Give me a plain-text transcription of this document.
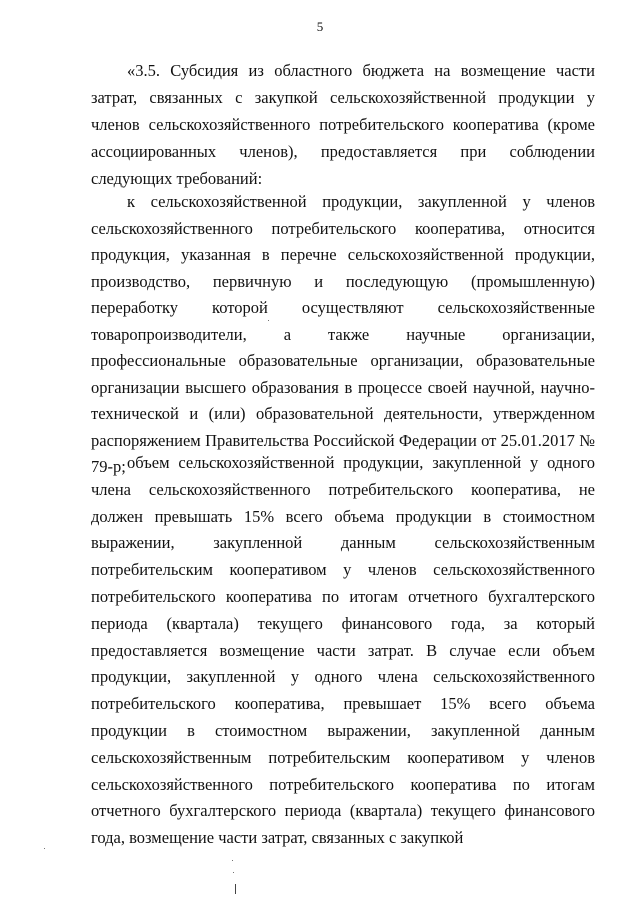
5

«3.5. Субсидия из областного бюджета на возмещение части затрат, связанных с закупкой сельскохозяйственной продукции у членов сельскохозяйственного потребительского кооператива (кроме ассоциированных членов), предоставляется при соблюдении следующих требований:

к сельскохозяйственной продукции, закупленной у членов сельскохозяйственного потребительского кооператива, относится продукция, указанная в перечне сельскохозяйственной продукции, производство, первичную и последующую (промышленную) переработку которой осуществляют сельскохозяйственные товаропроизводители, а также научные организации, профессиональные образовательные организации, образовательные организации высшего образования в процессе своей научной, научно-технической и (или) образовательной деятельности, утвержденном распоряжением Правительства Российской Федерации от 25.01.2017 № 79-р; объем сельскохозяйственной продукции, закупленной у одного члена сельскохозяйственного потребительского кооператива, не должен превышать 15% всего объема продукции в стоимостном выражении, закупленной данным сельскохозяйственным потребительским кооперативом у членов сельскохозяйственного потребительского кооператива по итогам отчетного бухгалтерского периода (квартала) текущего финансового года, за который предоставляется возмещение части затрат. В случае если объем продукции, закупленной у одного члена сельскохозяйственного потребительского кооператива, превышает 15% всего объема продукции в стоимостном выражении, закупленной данным сельскохозяйственным потребительским кооперативом у членов сельскохозяйственного потребительского кооператива по итогам отчетного бухгалтерского периода (квартала) текущего финансового года, возмещение части затрат, связанных с закупкой
